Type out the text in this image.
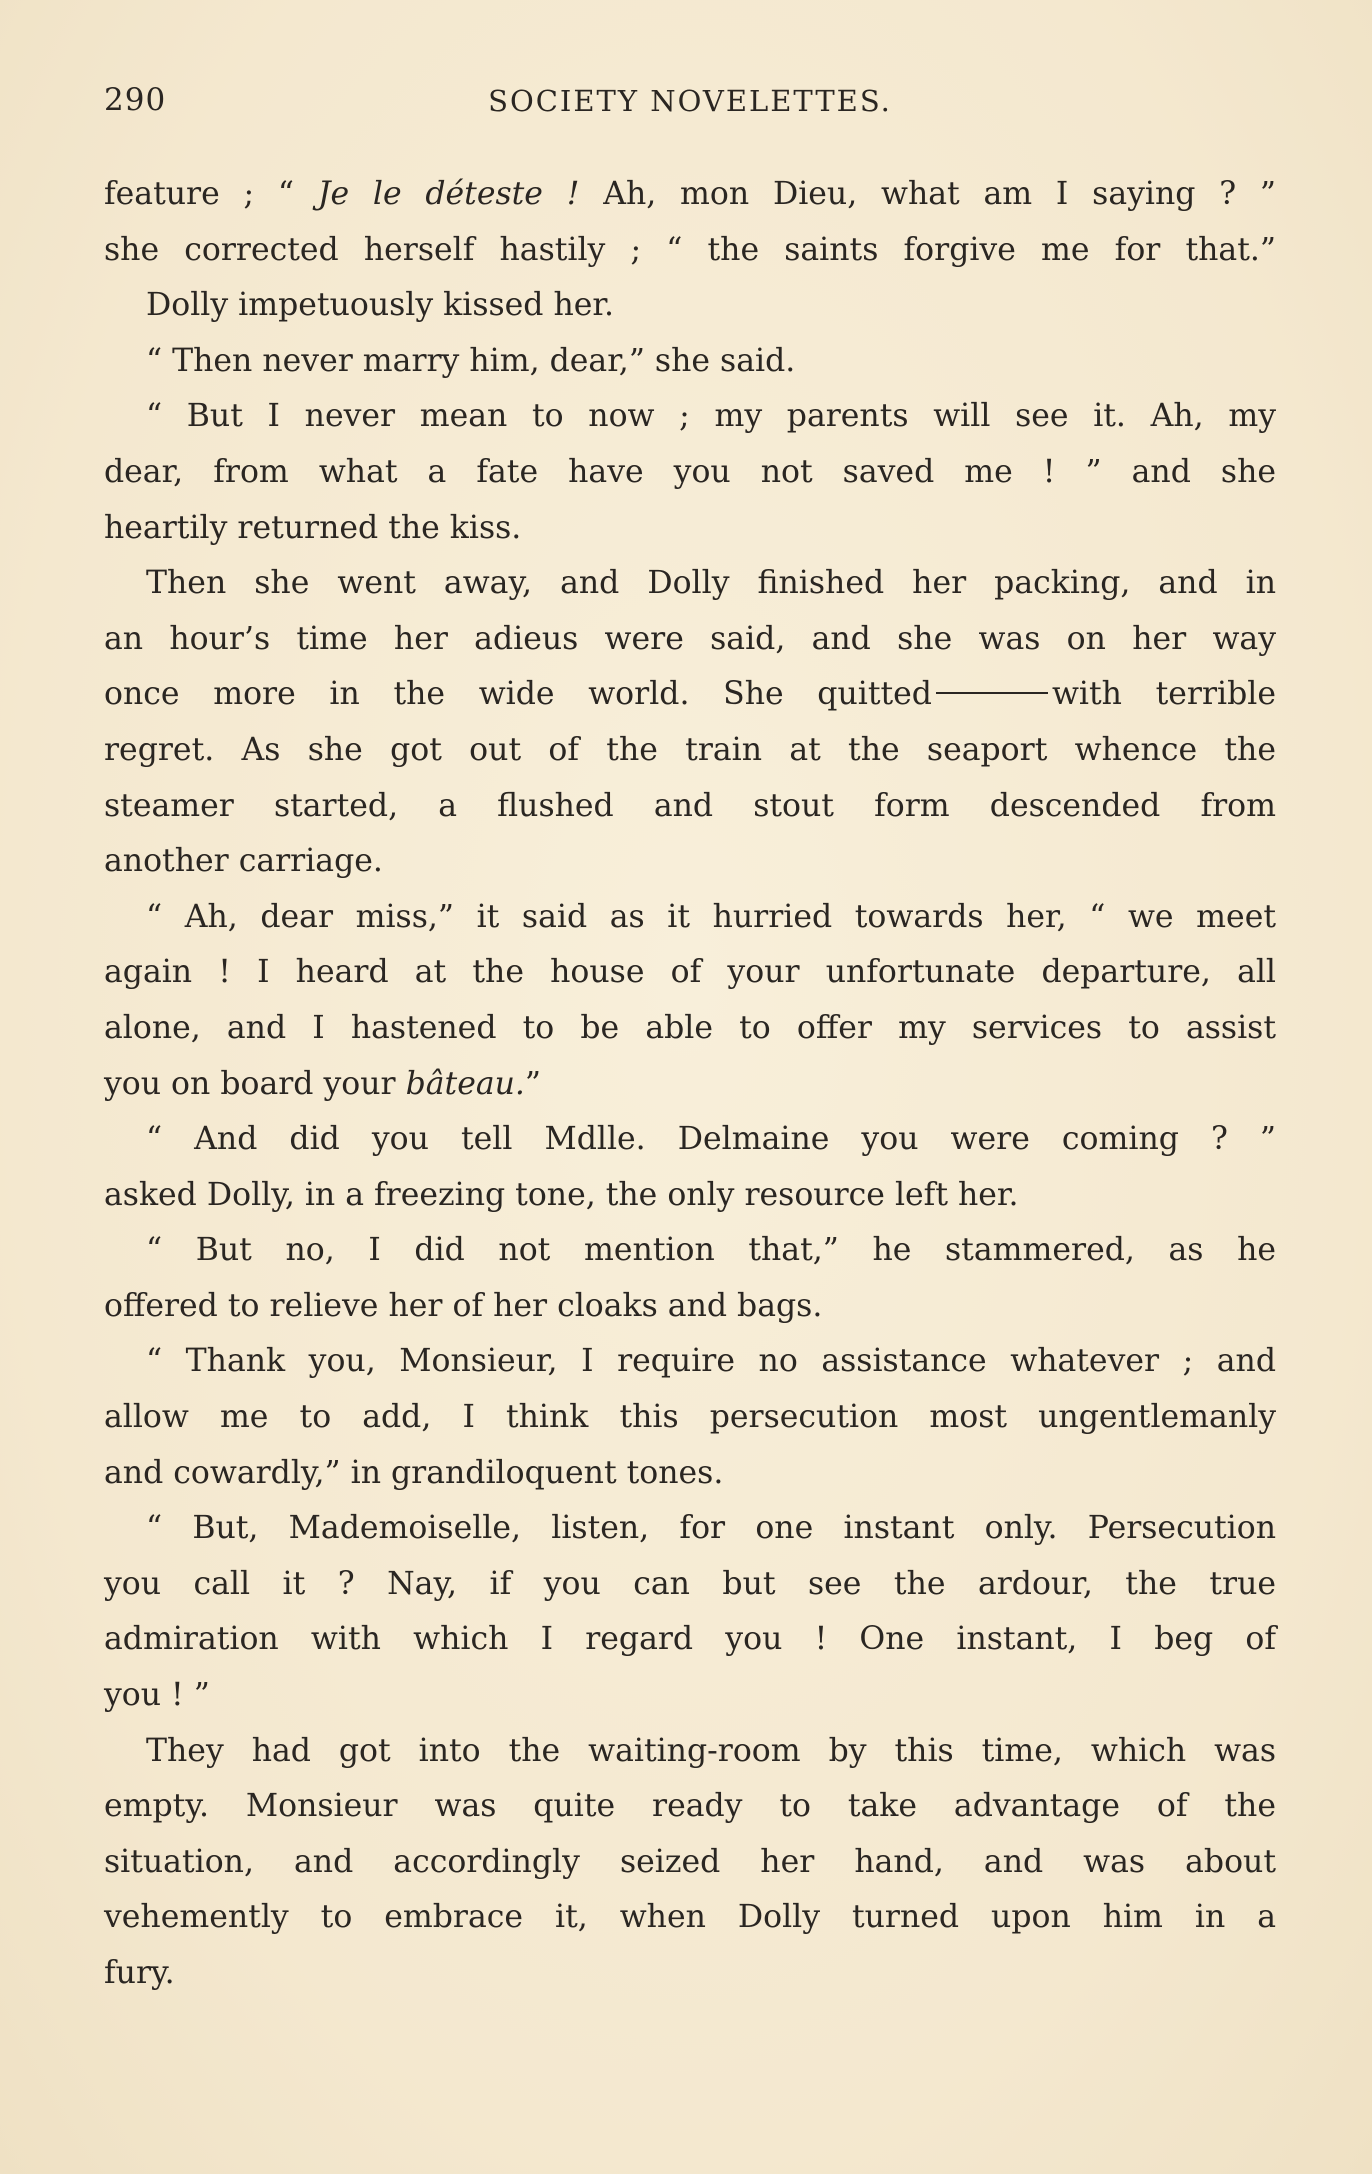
290	SOCIETY NOVELETTES.
feature ; “ Je le déteste ! Ah, mon Dieu, what am I saying ? ”
she corrected herself hastily ; “ the saints forgive me for that.”
Dolly impetuously kissed her.
“ Then never marry him, dear,” she said.
“ But I never mean to now ; my parents will see it. Ah, my
dear, from what a fate have you not saved me ! ” and she
heartily returned the kiss.
Then she went away, and Dolly finished her packing, and in
an hour’s time her adieus were said, and she was on her way
once more in the wide world. She quitted	with terrible
regret. As she got out of the train at the seaport whence the
steamer started, a flushed and stout form descended from
another carriage.
“ Ah, dear miss,” it said as it hurried towards her, “ we meet
again ! I heard at the house of your unfortunate departure, all
alone, and I hastened to be able to offer my services to assist
you on board your bâteau.”
“ And did you tell Mdlle. Delmaine you were coming ? ”
asked Dolly, in a freezing tone, the only resource left her.
“ But no, I did not mention that,” he stammered, as he
offered to relieve her of her cloaks and bags.
“ Thank you, Monsieur, I require no assistance whatever ; and
allow me to add, I think this persecution most ungentlemanly
and cowardly,” in grandiloquent tones.
“ But, Mademoiselle, listen, for one instant only. Persecution
you call it ? Nay, if you can but see the ardour, the true
admiration with which I regard you ! One instant, I beg of
you ! ”
They had got into the waiting-room by this time, which was
empty. Monsieur was quite ready to take advantage of the
situation, and accordingly seized her hand, and was about
vehemently to embrace it, when Dolly turned upon him in a
fury.
